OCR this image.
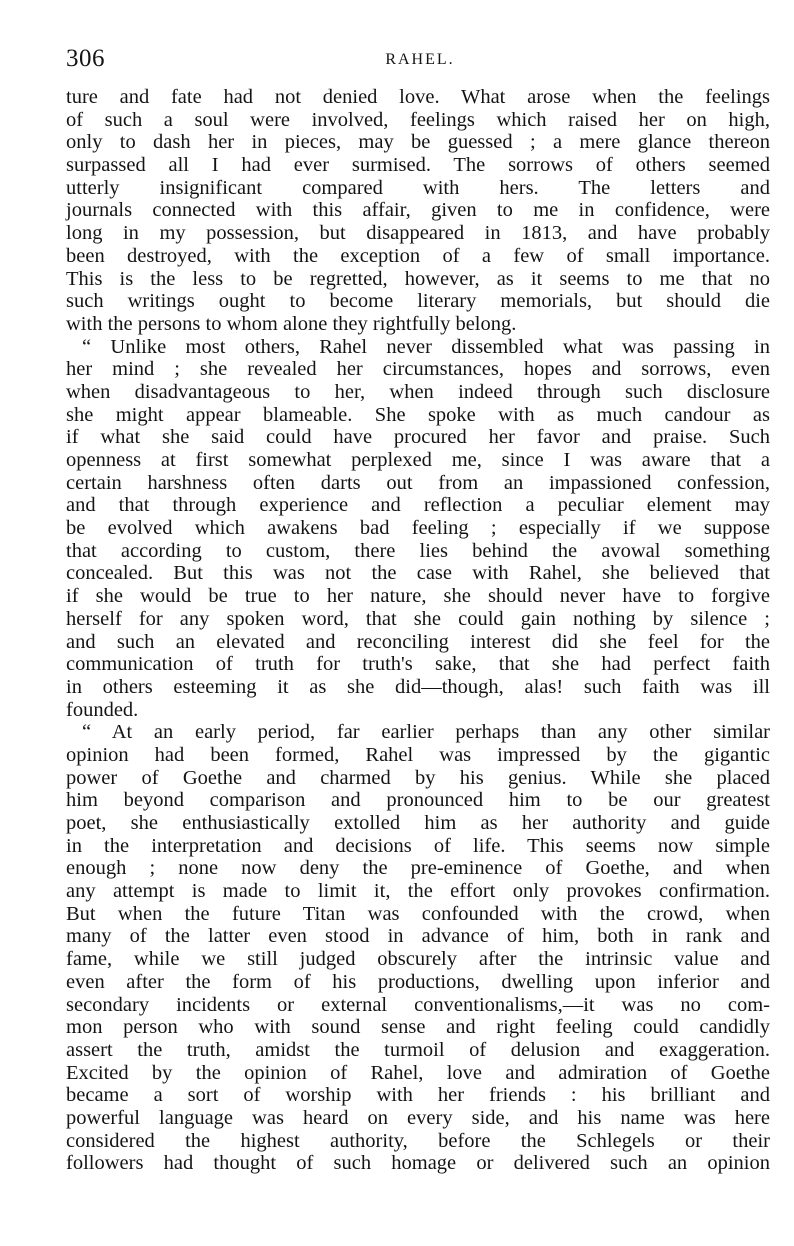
306	RAHEL.
ture and fate had not denied love. What arose when the feelings
of such a soul were involved, feelings which raised her on high,
only to dash her in pieces, may be guessed ; a mere glance thereon
surpassed all I had ever surmised. The sorrows of others seemed
utterly insignificant compared with hers. The letters and
journals connected with this affair, given to me in confidence, were
long in my possession, but disappeared in 1813, and have probably
been destroyed, with the exception of a few of small importance.
This is the less to be regretted, however, as it seems to me that no
such writings ought to become literary memorials, but should die
with the persons to whom alone they rightfully belong.
“ Unlike most others, Rahel never dissembled what was passing in
her mind ; she revealed her circumstances, hopes and sorrows, even
when disadvantageous to her, when indeed through such disclosure
she might appear blameable. She spoke with as much candour as
if what she said could have procured her favor and praise. Such
openness at first somewhat perplexed me, since I was aware that a
certain harshness often darts out from an impassioned confession,
and that through experience and reflection a peculiar element may
be evolved which awakens bad feeling ; especially if we suppose
that according to custom, there lies behind the avowal something
concealed. But this was not the case with Rahel, she believed that
if she would be true to her nature, she should never have to forgive
herself for any spoken word, that she could gain nothing by silence ;
and such an elevated and reconciling interest did she feel for the
communication of truth for truth's sake, that she had perfect faith
in others esteeming it as she did—though, alas! such faith was ill
founded.
“ At an early period, far earlier perhaps than any other similar
opinion had been formed, Rahel was impressed by the gigantic
power of Goethe and charmed by his genius. While she placed
him beyond comparison and pronounced him to be our greatest
poet, she enthusiastically extolled him as her authority and guide
in the interpretation and decisions of life. This seems now simple
enough ; none now deny the pre-eminence of Goethe, and when
any attempt is made to limit it, the effort only provokes confirmation.
But when the future Titan was confounded with the crowd, when
many of the latter even stood in advance of him, both in rank and
fame, while we still judged obscurely after the intrinsic value and
even after the form of his productions, dwelling upon inferior and
secondary incidents or external conventionalisms,—it was no com-
mon person who with sound sense and right feeling could candidly
assert the truth, amidst the turmoil of delusion and exaggeration.
Excited by the opinion of Rahel, love and admiration of Goethe
became a sort of worship with her friends : his brilliant and
powerful language was heard on every side, and his name was here
considered the highest authority, before the Schlegels or their
followers had thought of such homage or delivered such an opinion
